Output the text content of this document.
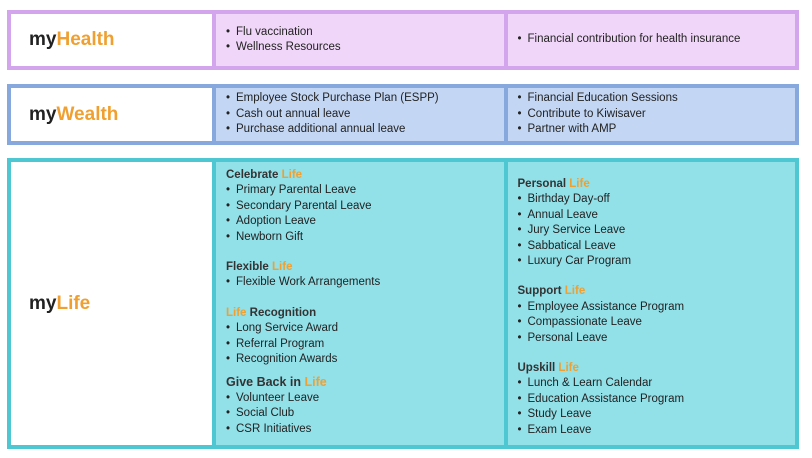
my Health
•	Flu vaccination
• Wellness Resources
• Financial contribution for health insurance
my Wealth
• Employee Stock Purchase Plan (ESPP)
• Cash out annual leave
• Purchase additional annual leave
• Financial Education Sessions
• Contribute to Kiwisaver
• Partner with AMP
my Life
Celebrate Life
• Primary Parental Leave
• Secondary Parental Leave
• Adoption Leave
• Newborn Gift
Flexible Life
• Flexible Work Arrangements
Life Recognition
• Long Service Award
• Referral Program
• Recognition Awards
Give Back in Life
• Volunteer Leave
• Social Club
• CSR Initiatives
Personal Life
• Birthday Day-off
• Annual Leave
• Jury Service Leave
• Sabbatical Leave
• Luxury Car Program
Support Life
• Employee Assistance Program
• Compassionate Leave
• Personal Leave
Upskill Life
• Lunch & Learn Calendar
• Education Assistance Program
• Study Leave
• Exam Leave
